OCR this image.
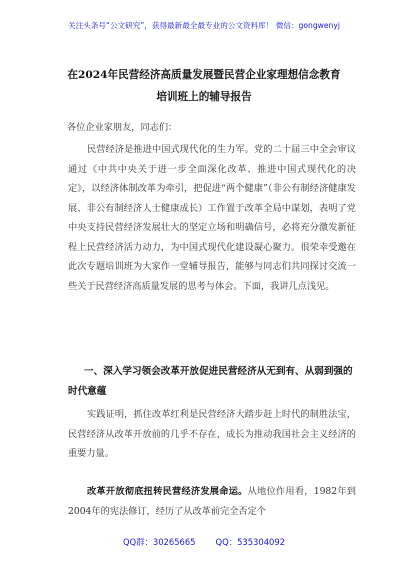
关注头条号“公文研究”，获得最新最全最专业的公文资料库！ 微信：gongwenyj
在2024年民营经济高质量发展暨民营企业家理想信念教育
培训班上的辅导报告
各位企业家朋友，同志们：
民营经济是推进中国式现代化的生力军。党的二十届三中全会审议通过《中共中央关于进一步全面深化改革、推进中国式现代化的决定》，以经济体制改革为牵引，把促进“两个健康”（非公有制经济健康发展、非公有制经济人士健康成长）工作置于改革全局中谋划，表明了党中央支持民营经济发展壮大的坚定立场和明确信号，必将充分激发新征程上民营经济活力动力，为中国式现代化建设凝心聚力。很荣幸受邀在此次专题培训班为大家作一堂辅导报告，能够与同志们共同探讨交流一些关于民营经济高质量发展的思考与体会。下面，我讲几点浅见。
一、深入学习领会改革开放促进民营经济从无到有、从弱到强的时代意蕴
实践证明，抓住改革红利是民营经济大踏步赶上时代的制胜法宝，民营经济从改革开放前的几乎不存在，成长为推动我国社会主义经济的重要力量。
改革开放彻底扭转民营经济发展命运。从地位作用看，1982年到2004年的宪法修订，经历了从改革前完全否定个
QQ群：30265665 QQ：535304092
